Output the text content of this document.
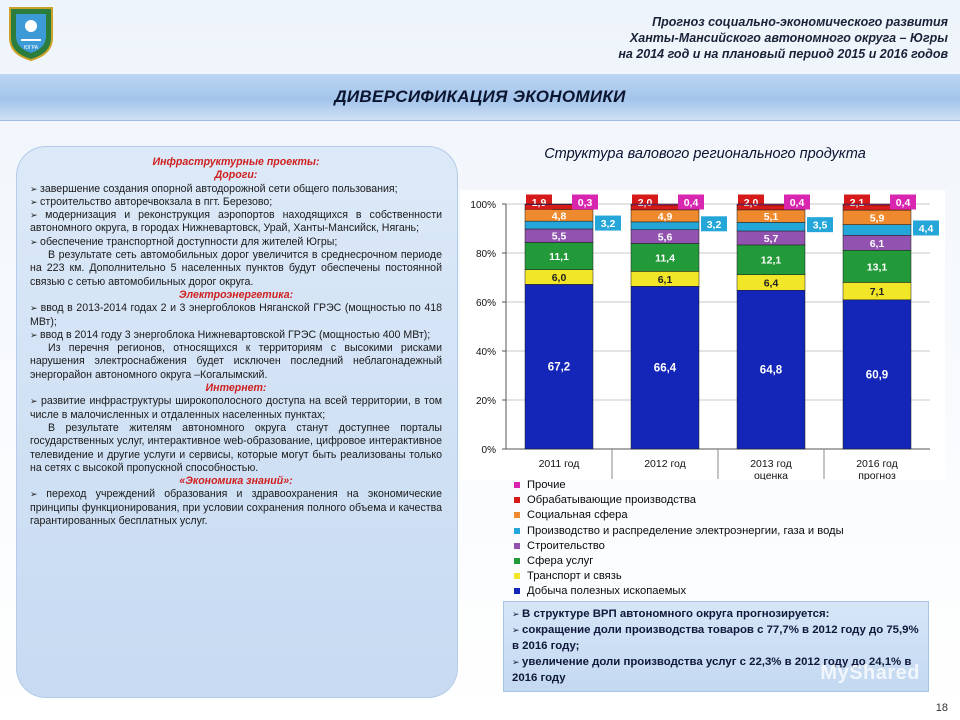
ЮГРА
Прогноз социально-экономического развития
Ханты-Мансийского автономного округа – Югры
на 2014 год и на плановый период 2015 и 2016 годов
ДИВЕРСИФИКАЦИЯ ЭКОНОМИКИ

Инфраструктурные проекты:

Дороги:

➢ завершение создания опорной автодорожной сети общего пользования;

➢ строительство авторечвокзала в пгт. Березово;

➢ модернизация и реконструкция аэропортов находящихся в собственности автономного округа, в городах Нижневартовск, Урай, Ханты-Мансийск, Нягань;

➢ обеспечение транспортной доступности для жителей Югры;

В результате сеть автомобильных дорог увеличится в среднесрочном периоде на 223 км. Дополнительно 5 населенных пунктов будут обеспечены постоянной связью с сетью автомобильных дорог округа.

Электроэнергетика:

➢ ввод в 2013-2014 годах 2 и 3 энергоблоков Няганской ГРЭС (мощностью по 418 МВт);

➢ ввод в 2014 году 3 энергоблока Нижневартовской ГРЭС (мощностью 400 МВт);

Из перечня регионов, относящихся к территориям с высокими рисками нарушения электроснабжения будет исключен последний неблагонадежный энергорайон автономного округа –Когалымский.

Интернет:

➢ развитие инфраструктуры широкополосного доступа на всей территории, в том числе в малочисленных и отдаленных населенных пунктах;

В результате жителям автономного округа станут доступнее порталы государственных услуг, интерактивное web-образование, цифровое интерактивное телевидение и другие услуги и сервисы, которые могут быть реализованы только на сетях с высокой пропускной способностью.

«Экономика знаний»:

➢ переход учреждений образования и здравоохранения на экономические принципы функционирования, при условии сохранения полного объема и качества гарантированных бесплатных услуг.

Структура валового регионального продукта
0%
20%
40%
60%
80%
100%
67,2
6,0
11,1
5,5
3,2
4,8
1,9	0,3
2011 год
66,4
6,1
11,4
5,6
3,2
4,9
2,0	0,4
2012 год
64,8
6,4
12,1
5,7
3,5
5,1
2,0	0,4
2013 год оценка
60,9
7,1
13,1
6,1
4,4
5,9
2,1	0,4
2016 год прогноз
Прочие
Обрабатывающие производства
Социальная сфера
Производство и распределение электроэнергии, газа и воды
Строительство
Сфера услуг
Транспорт и связь
Добыча полезных ископаемых

➢ В структуре ВРП автономного округа прогнозируется:

➢ сокращение доли производства товаров с 77,7% в 2012 году до 75,9% в 2016 году;

➢ увеличение доли производства услуг с 22,3% в 2012 году до 24,1% в 2016 году	MyShared
18
